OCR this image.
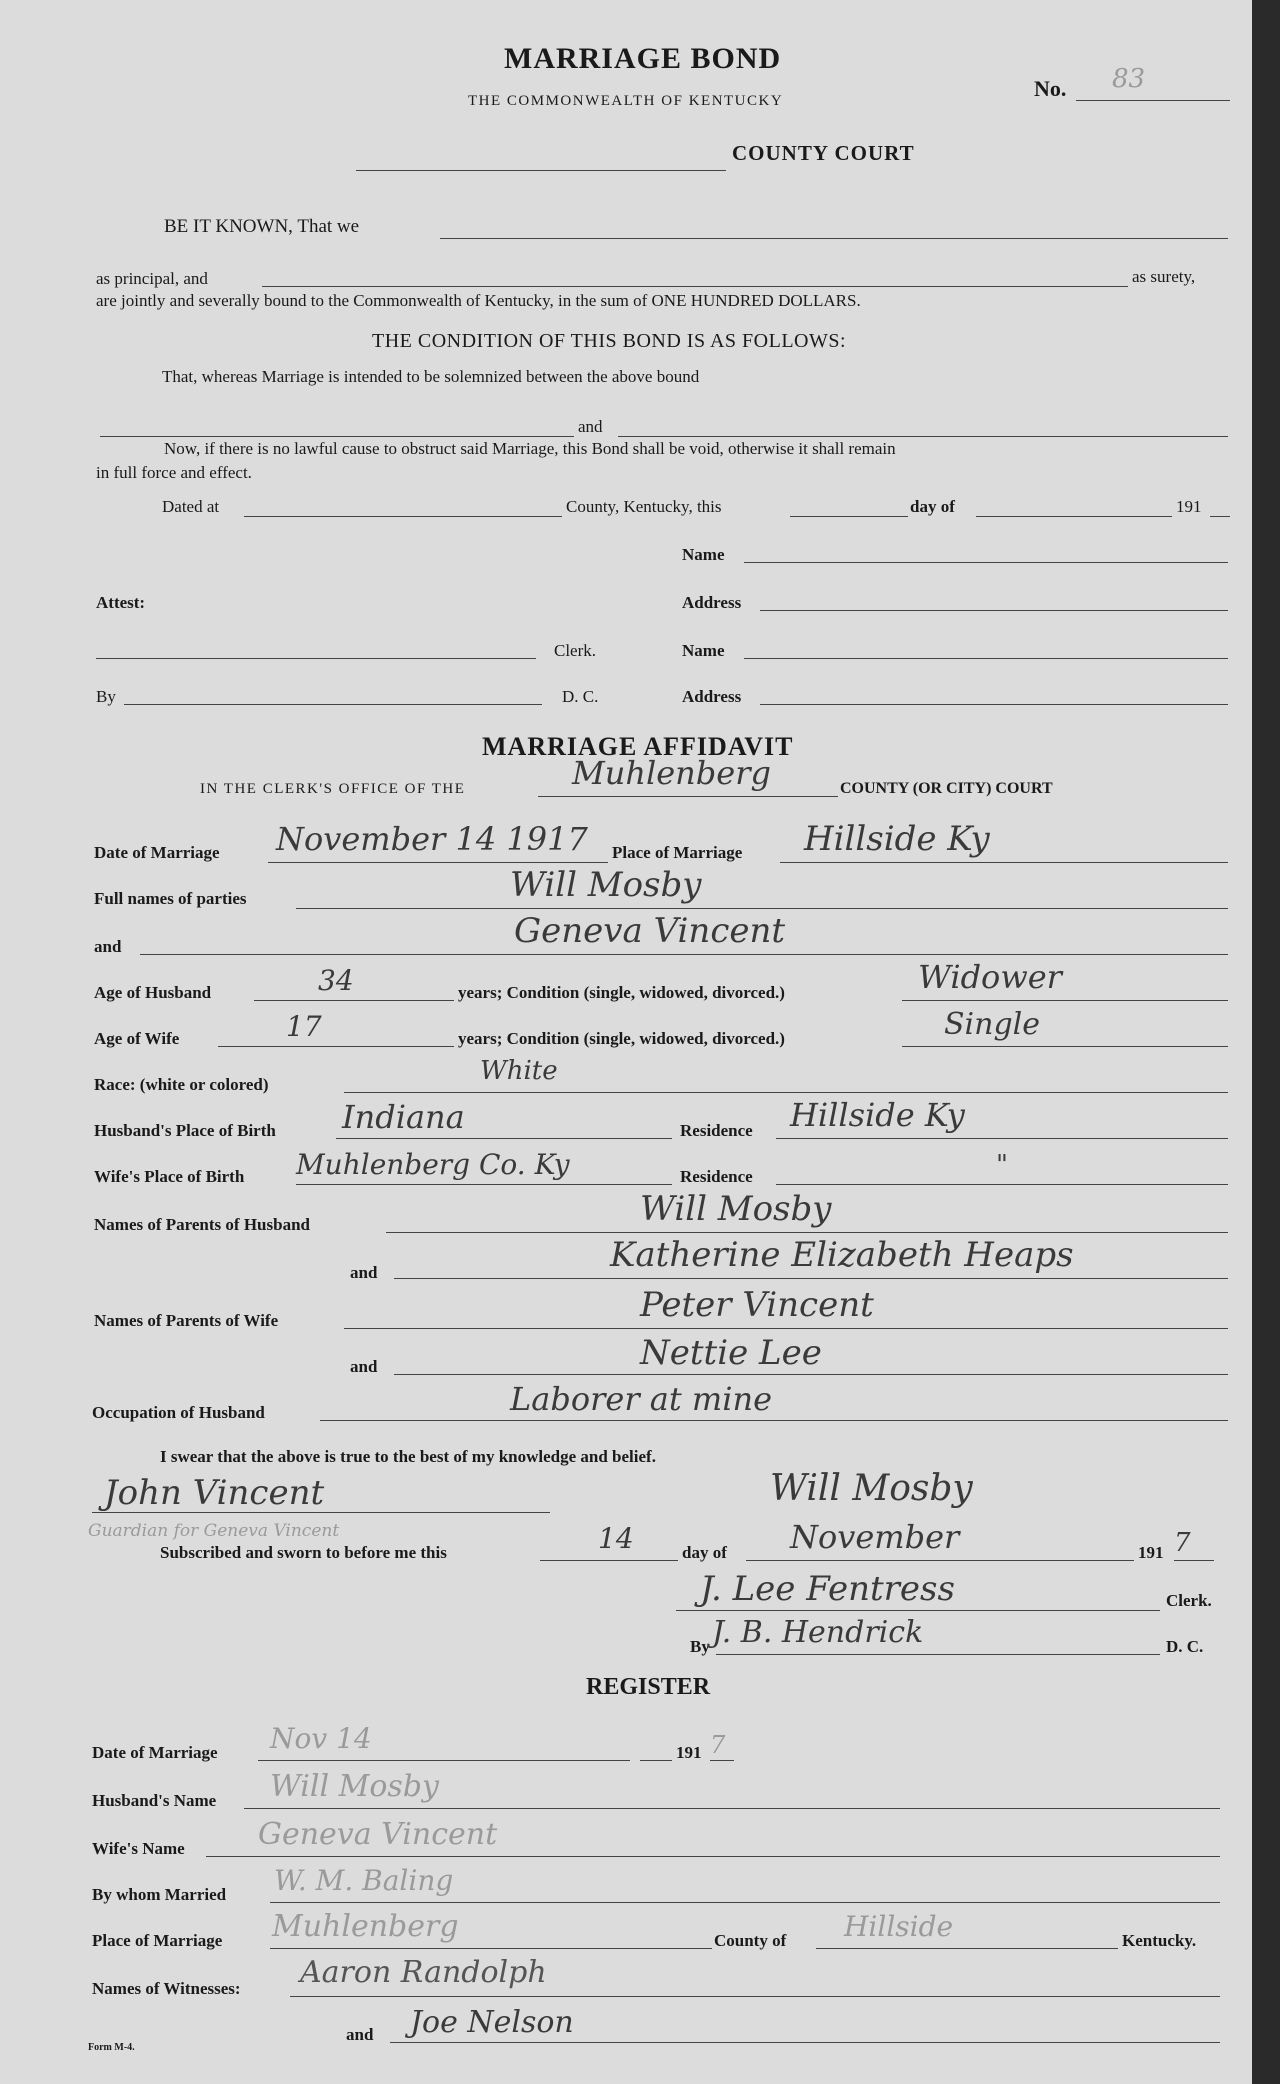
MARRIAGE BOND
THE COMMONWEALTH OF KENTUCKY	No. 83
COUNTY COURT
BE IT KNOWN, That we
as principal, and	as surety,
are jointly and severally bound to the Commonwealth of Kentucky, in the sum of ONE HUNDRED DOLLARS.
THE CONDITION OF THIS BOND IS AS FOLLOWS:
That, whereas Marriage is intended to be solemnized between the above bound
and
Now, if there is no lawful cause to obstruct said Marriage, this Bond shall be void, otherwise it shall remain
in full force and effect.
Dated at	County, Kentucky, this	day of	191
Name
Attest:	Address
Clerk.	Name
By	D. C.	Address
MARRIAGE AFFIDAVIT
IN THE CLERK'S OFFICE OF THE	Muhlenberg	COUNTY (OR CITY) COURT
Date of Marriage November 14 1917 Place of Marriage Hillside Ky
Full names of parties	Will Mosby
and	Geneva Vincent
Age of Husband	34	years; Condition (single, widowed, divorced.)	Widower
Age of Wife	17	years; Condition (single, widowed, divorced.)	Single
Race: (white or colored)	White
Husband's Place of Birth Indiana	Residence Hillside Ky
Wife's Place of Birth Muhlenberg Co. Ky	Residence	"
Names of Parents of Husband	Will Mosby
and	Katherine Elizabeth Heaps
Names of Parents of Wife	Peter Vincent
and	Nettie Lee
Occupation of Husband	Laborer at mine
I swear that the above is true to the best of my knowledge and belief.
John Vincent
Guardian for Geneva Vincent
Will Mosby
Subscribed and sworn to before me this	14	day of November	191 7
J. Lee Fentress	Clerk.
By J. B. Hendrick	D. C.
REGISTER
Date of Marriage Nov 14	191 7
Husband's Name Will Mosby
Wife's Name Geneva Vincent
By whom Married W. M. Baling
Place of Marriage Muhlenberg	County of Hillside	Kentucky.
Names of Witnesses: Aaron Randolph
and Joe Nelson
Form M-4.
